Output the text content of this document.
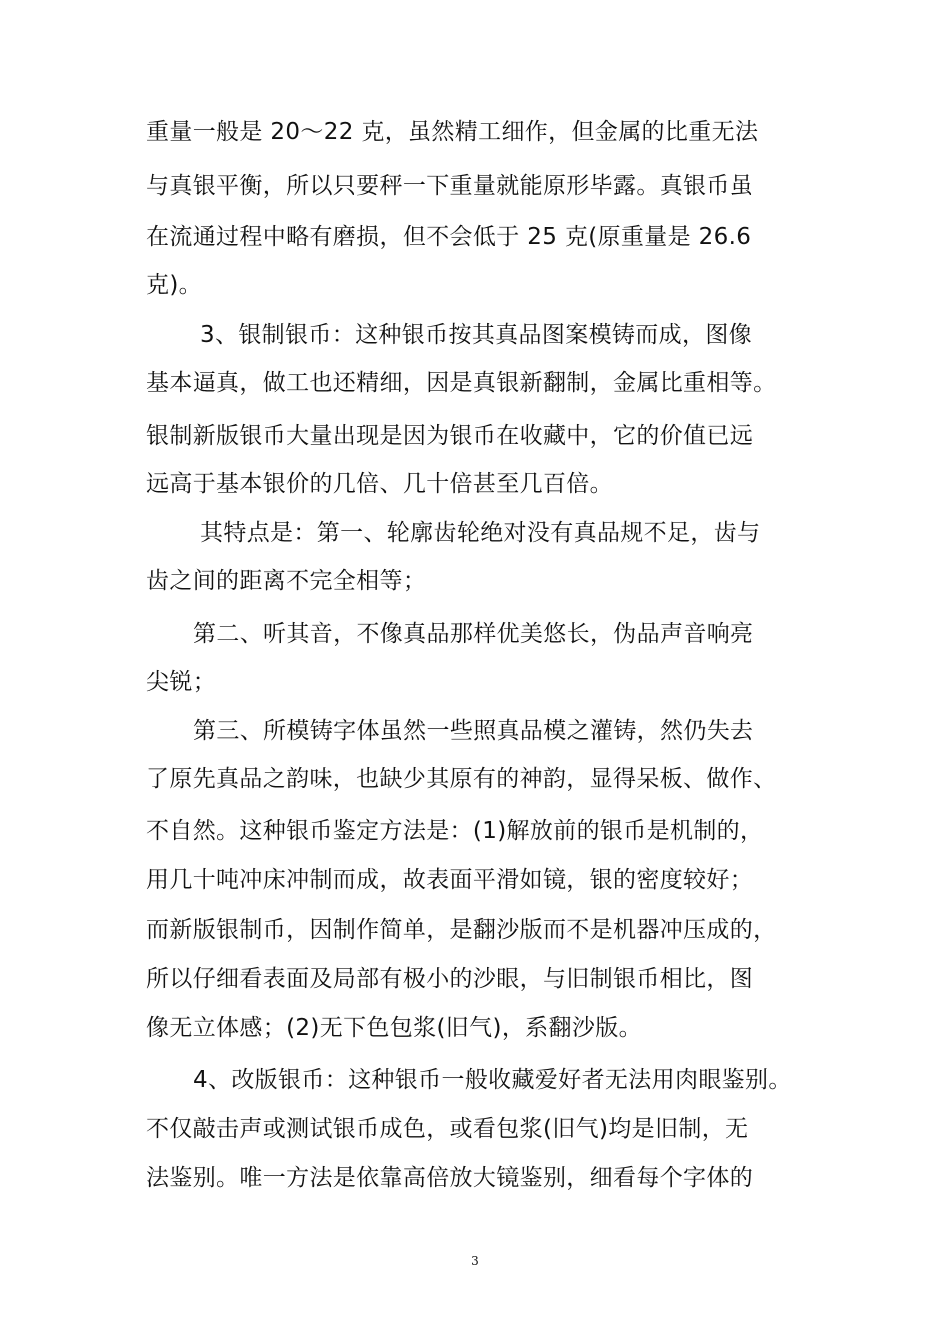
重量一般是 20～22 克，虽然精工细作，但金属的比重无法
与真银平衡，所以只要秤一下重量就能原形毕露。真银币虽
在流通过程中略有磨损，但不会低于 25 克(原重量是 26.6
克)。
3、银制银币：这种银币按其真品图案模铸而成，图像
基本逼真，做工也还精细，因是真银新翻制，金属比重相等。
银制新版银币大量出现是因为银币在收藏中，它的价值已远
远高于基本银价的几倍、几十倍甚至几百倍。
其特点是：第一、轮廓齿轮绝对没有真品规不足，齿与
齿之间的距离不完全相等；
第二、听其音，不像真品那样优美悠长，伪品声音响亮
尖锐；
第三、所模铸字体虽然一些照真品模之灌铸，然仍失去
了原先真品之韵味，也缺少其原有的神韵，显得呆板、做作、
不自然。这种银币鉴定方法是：(1)解放前的银币是机制的，
用几十吨冲床冲制而成，故表面平滑如镜，银的密度较好；
而新版银制币，因制作简单，是翻沙版而不是机器冲压成的，
所以仔细看表面及局部有极小的沙眼，与旧制银币相比，图
像无立体感；(2)无下色包浆(旧气)，系翻沙版。
4、改版银币：这种银币一般收藏爱好者无法用肉眼鉴别。
不仅敲击声或测试银币成色，或看包浆(旧气)均是旧制，无
法鉴别。唯一方法是依靠高倍放大镜鉴别，细看每个字体的
3
